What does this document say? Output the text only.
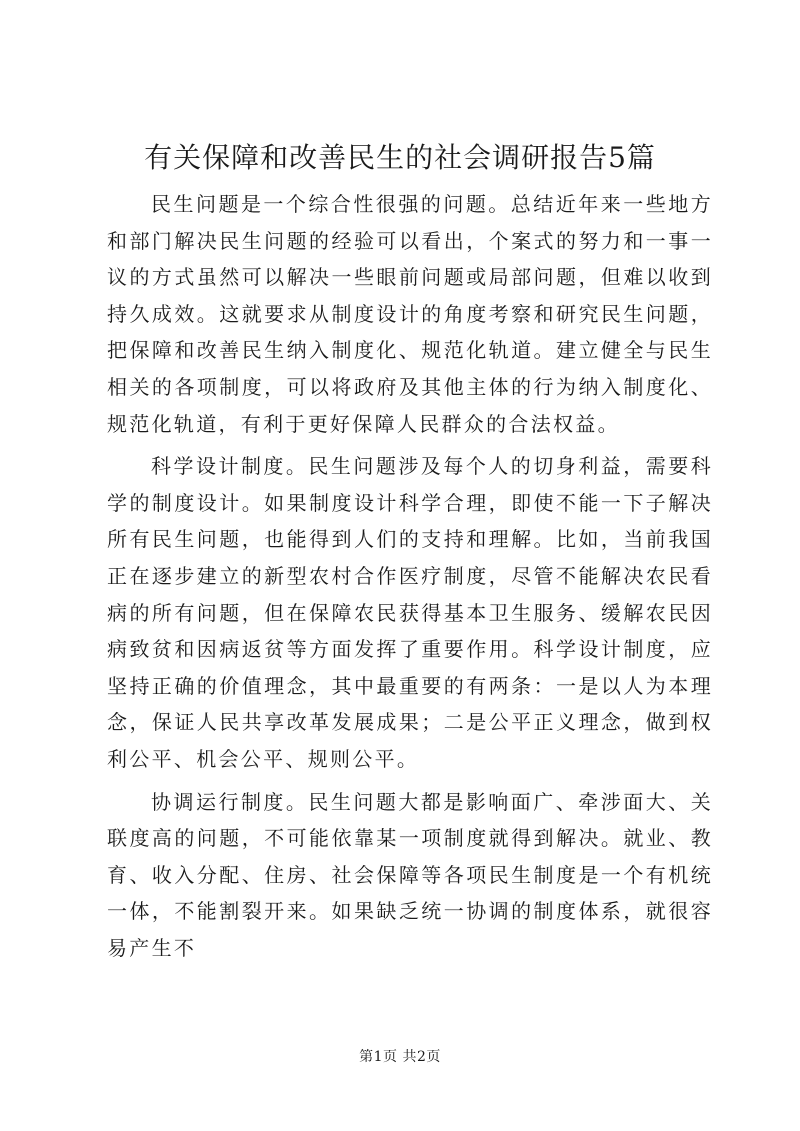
有关保障和改善民生的社会调研报告5篇

民生问题是一个综合性很强的问题。总结近年来一些地方和部门解决民生问题的经验可以看出，个案式的努力和一事一议的方式虽然可以解决一些眼前问题或局部问题，但难以收到持久成效。这就要求从制度设计的角度考察和研究民生问题，把保障和改善民生纳入制度化、规范化轨道。建立健全与民生相关的各项制度，可以将政府及其他主体的行为纳入制度化、规范化轨道，有利于更好保障人民群众的合法权益。

科学设计制度。民生问题涉及每个人的切身利益，需要科学的制度设计。如果制度设计科学合理，即使不能一下子解决所有民生问题，也能得到人们的支持和理解。比如，当前我国正在逐步建立的新型农村合作医疗制度，尽管不能解决农民看病的所有问题，但在保障农民获得基本卫生服务、缓解农民因病致贫和因病返贫等方面发挥了重要作用。科学设计制度，应坚持正确的价值理念，其中最重要的有两条：一是以人为本理念，保证人民共享改革发展成果；二是公平正义理念，做到权利公平、机会公平、规则公平。

协调运行制度。民生问题大都是影响面广、牵涉面大、关联度高的问题，不可能依靠某一项制度就得到解决。就业、教育、收入分配、住房、社会保障等各项民生制度是一个有机统一体，不能割裂开来。如果缺乏统一协调的制度体系，就很容易产生不

第1页 共2页
